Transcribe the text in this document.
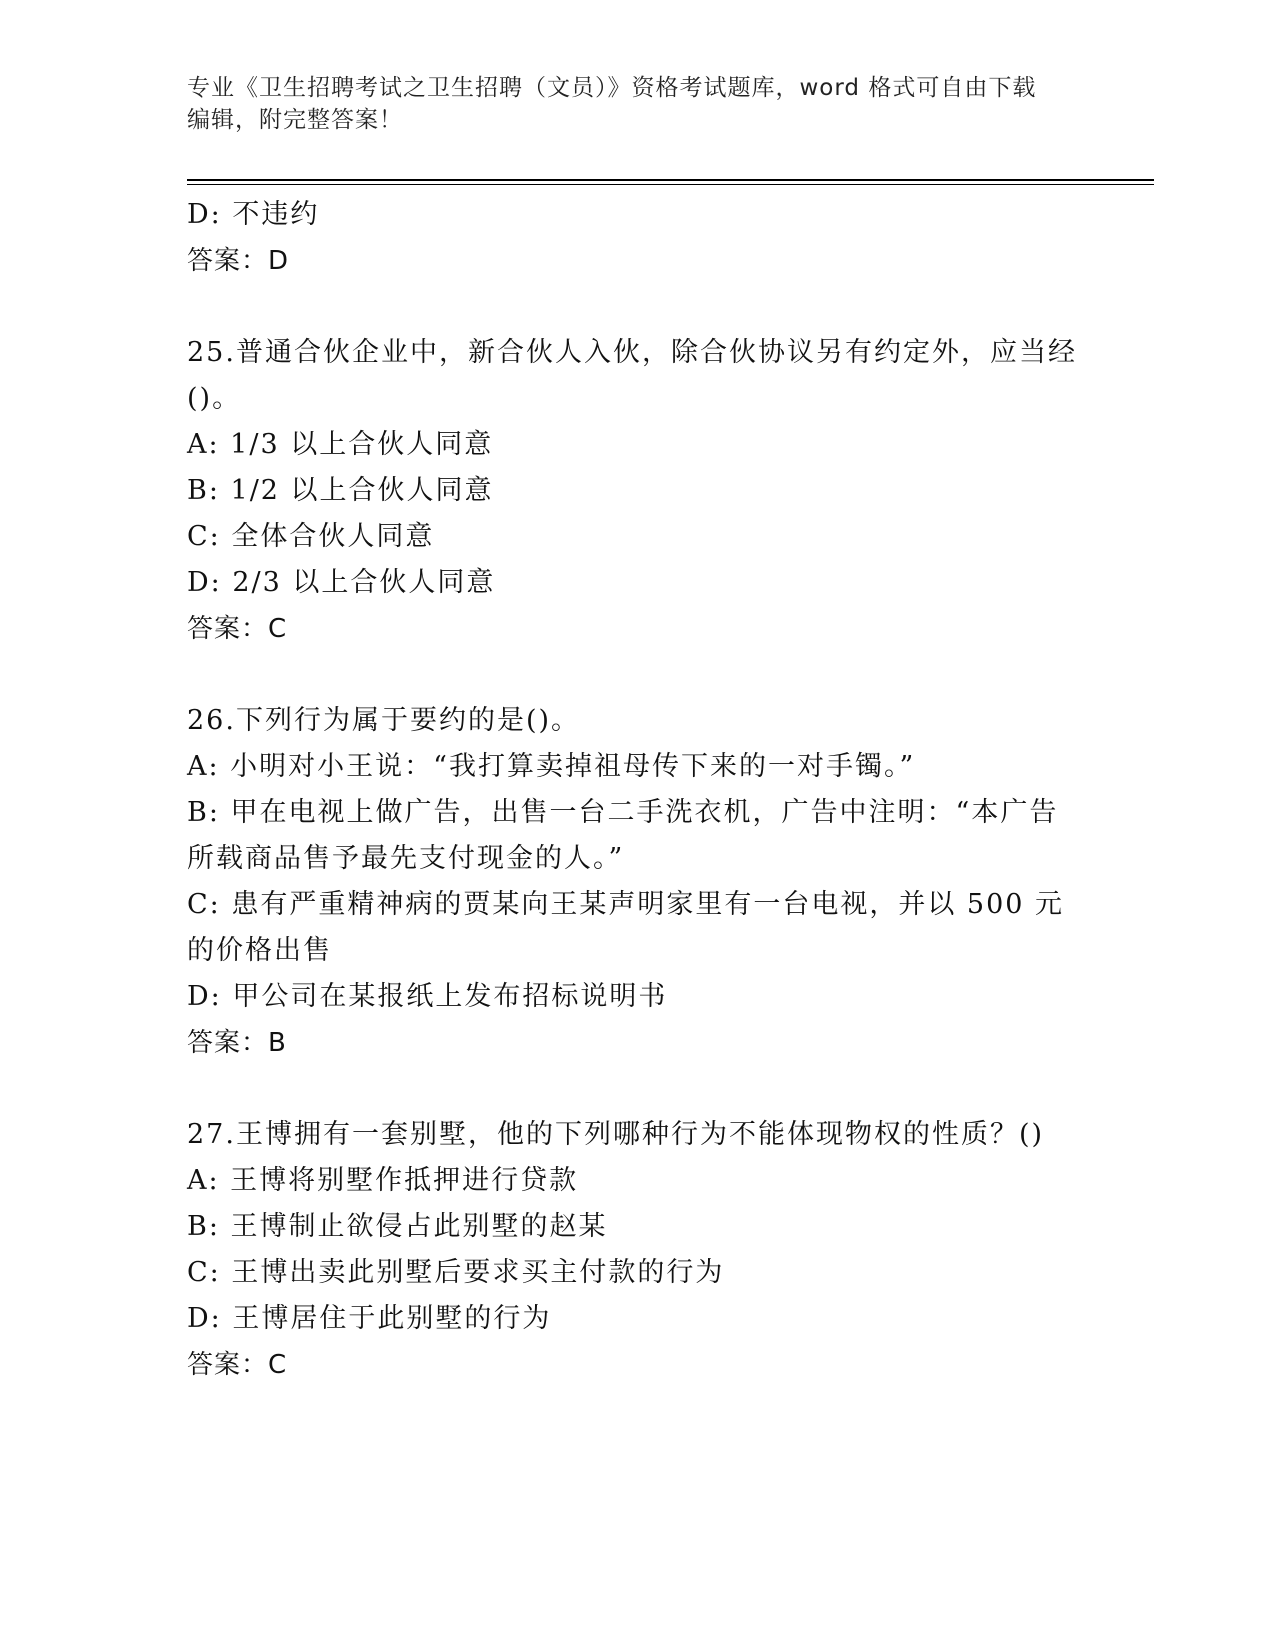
专业《卫生招聘考试之卫生招聘（文员）》资格考试题库，word 格式可自由下载
编辑，附完整答案！
D: 不违约
答案：D
25.普通合伙企业中，新合伙人入伙，除合伙协议另有约定外，应当经()。
A: 1/3 以上合伙人同意
B: 1/2 以上合伙人同意
C: 全体合伙人同意
D: 2/3 以上合伙人同意
答案：C
26.下列行为属于要约的是()。
A: 小明对小王说：“我打算卖掉祖母传下来的一对手镯。”
B: 甲在电视上做广告，出售一台二手洗衣机，广告中注明：“本广告所载商品售予最先支付现金的人。”
C: 患有严重精神病的贾某向王某声明家里有一台电视，并以 500 元的价格出售
D: 甲公司在某报纸上发布招标说明书
答案：B
27.王博拥有一套别墅，他的下列哪种行为不能体现物权的性质？()
A: 王博将别墅作抵押进行贷款
B: 王博制止欲侵占此别墅的赵某
C: 王博出卖此别墅后要求买主付款的行为
D: 王博居住于此别墅的行为
答案：C
